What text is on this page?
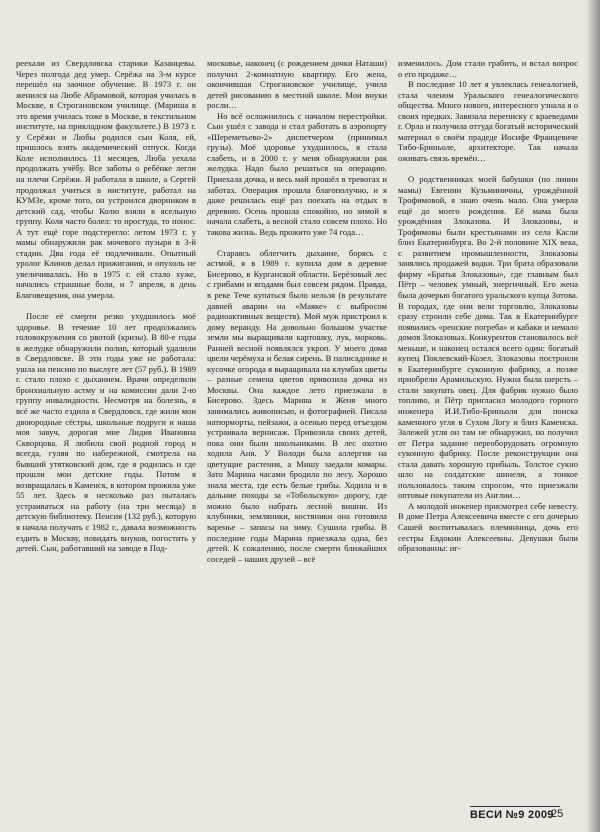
реехали из Свердловска старики Казанцевы. Через полгода дед умер. Серёжа на 3-м курсе перешёл на заочное обучение. В 1973 г. он женился на Любе Абрамовой, которая училась в Москве, в Строгановском училище. (Мариша в это время училась тоже в Москве, в текстильном институте, на прикладном факультете.) В 1973 г. у Серёжи и Любы родился сын Коля, ей, пришлось взять академический отпуск. Когда Коле исполнилось 11 месяцев, Люба уехала продолжать учёбу. Все заботы о ребёнке легли на плечи Серёжи. Я работала в школе, а Сергей продолжал учиться в институте, работал на КУМЗе, кроме того, он устроился дворником в детский сад, чтобы Колю взяли в ясельную группу. Коля часто болел: то простуда, то понос. А тут ещё горе подстерегло: летом 1973 г. у мамы обнаружили рак мочевого пузыря в 3-й стадии. Два года её подлечивали. Опытный уролог Клинов делал прижигания, и опухоль не увеличивалась. Но в 1975 г. ей стало хуже, начались страшные боли, и 7 апреля, в день Благовещения, она умерла.

После её смерти резко ухудшилось моё здоровье. В течение 10 лет продолжались головокружения со рвотой (кризы). В 80-е годы в желудке обнаружили полип, который удалили в Свердловске. В эти годы уже не работала: ушла на пенсию по выслуге лет (57 руб.). В 1989 г. стало плохо с дыханием. Врачи определили бронхиальную астму и на комиссии дали 2-ю группу инвалидности. Несмотря на болезнь, я всё же часто ездила в Свердловск, где жили мои двоюродные сёстры, школьные подруги и наша моя завуч, дорогая мне Лидия Ивановна Скворцова. Я любила свой родной город и всегда, гуляя по набережной, смотрела на бывший утятковский дом, где я родилась и где прошли мои детские годы. Потом я возвращалась в Каменск, в котором прожила уже 55 лет. Здесь я несколько раз пыталась устраиваться на работу (на три месяца) в детскую библиотеку. Пенсия (132 руб.), которую я начала получать с 1982 г., давала возможность ездить в Москву, повидать внуков, погостить у детей. Сын, работавший на заводе в Под-

московье, наконец (с рождением дочки Наташи) получил 2-комнатную квартиру. Его жена, окончившая Строгановское училище, учила детей рисованию в местной школе. Мои внуки росли…

Но всё осложнилось с началом перестройки. Сын ушёл с завода и стал работать в аэропорту «Шереметьево-2» диспетчером (принимал грузы). Моё здоровье ухудшилось, я стала слабеть, и в 2000 г. у меня обнаружили рак желудка. Надо было решаться на операцию. Приехала дочка, и весь май прошёл в тревогах и заботах. Операция прошла благополучно, и я даже решилась ещё раз поехать на отдых в деревню. Осень прошла спокойно, но зимой я начала слабеть, а весной стало совсем плохо. Но такова жизнь. Ведь прожито уже 74 года…

Стараясь облегчить дыхание, борясь с астмой, я в 1989 г. купила дом в деревне Бисерово, в Курганской области. Берёзовый лес с грибами и ягодами был совсем рядом. Правда, в реке Тече купаться было нельзя (в результате давней аварии на «Маяке» с выбросом радиоактивных веществ). Мой муж пристроил к дому веранду. На довольно большом участке земли мы выращивали картошку, лук, морковь. Ранней весной появлялся укроп. У моего дома цвели черёмуха и белая сирень. В палисаднике и кусочке огорода я выращивала на клумбах цветы – разные семена цветов привозила дочка из Москвы. Она каждое лето приезжала в Бисерово. Здесь Марина и Женя много занимались живописью, и фотографией. Писала натюрморты, пейзажи, а осенью перед отъездом устраивала вернисаж. Привозила своих детей, пока они были школьниками. В лес охотно ходила Аня. У Володи была аллергия на цветущие растения, а Мишу заедали комары. Зато Марина часами бродила по лесу. Хорошо знала места, где есть белые грибы. Ходила и в дальние походы за «Тобольскую» дорогу, где можно было набрать лесной вишни. Из клубники, земляники, костяники она готовила варенье – запасы на зиму. Сушила грибы. В последние годы Марина приезжала одна, без детей. К сожалению, после смерти ближайших соседей – наших друзей – всё

изменилось. Дом стали грабить, и встал вопрос о его продаже…

В последние 10 лет я увлеклась генеалогией, стала членом Уральского генеалогического общества. Много нового, интересного узнала я о своих предках. Завязала переписку с краеведами г. Орла и получила оттуда богатый исторический материал о своём прадеде Иосифе Францевиче Тибо-Бриньоле, архитекторе. Так начала оживать связь времён…

О родственниках моей бабушки (по линии мамы) Евгении Кузьминичны, урождённой Трофимовой, я знаю очень мало. Она умерла ещё до моего рождения. Её мама была урождённая Злоказова. И Злоказовы, и Трофимовы были крестьянами из села Касли близ Екатеринбурга. Во 2-й половине XIX века, с развитием промышленности, Злоказовы занялись продажей водки. Три брата образовали фирму «Братья Злоказовы», где главным был Пётр – человек умный, энергичный. Его жена была дочерью богатого уральского купца Зотова. В городах, где они вели торговлю, Злоказовы сразу строили себе дома. Так в Екатеринбурге появились «ренские погреба» и кабаки и немало домов Злоказовых. Конкурентов становилось всё меньше, и наконец остался всего один: богатый купец Поклевский-Козел. Злоказовы построили в Екатеринбурге суконную фабрику, а позже приобрели Арамильскую. Нужна была шерсть – стали закупать овец. Для фабрик нужно было топливо, и Пётр пригласил молодого горного инженера И.И.Тибо-Бриньоля для поиска каменного угля в Сухом Логу и близ Каменска. Залежей угля он там не обнаружил, но получил от Петра задание переоборудовать огромную суконную фабрику. После реконструкции она стала давать хорошую прибыль. Толстое сукно шло на солдатские шинели, а тонкое пользовалось таким спросом, что приезжали оптовые покупатели из Англии…

А молодой инженер присмотрел себе невесту. В доме Петра Алексеевича вместе с его дочерью Сашей воспитывалась племянница, дочь его сестры Евдокии Алексеевны. Девушки были образованны: иг-

ВЕСИ №9 2009
25
